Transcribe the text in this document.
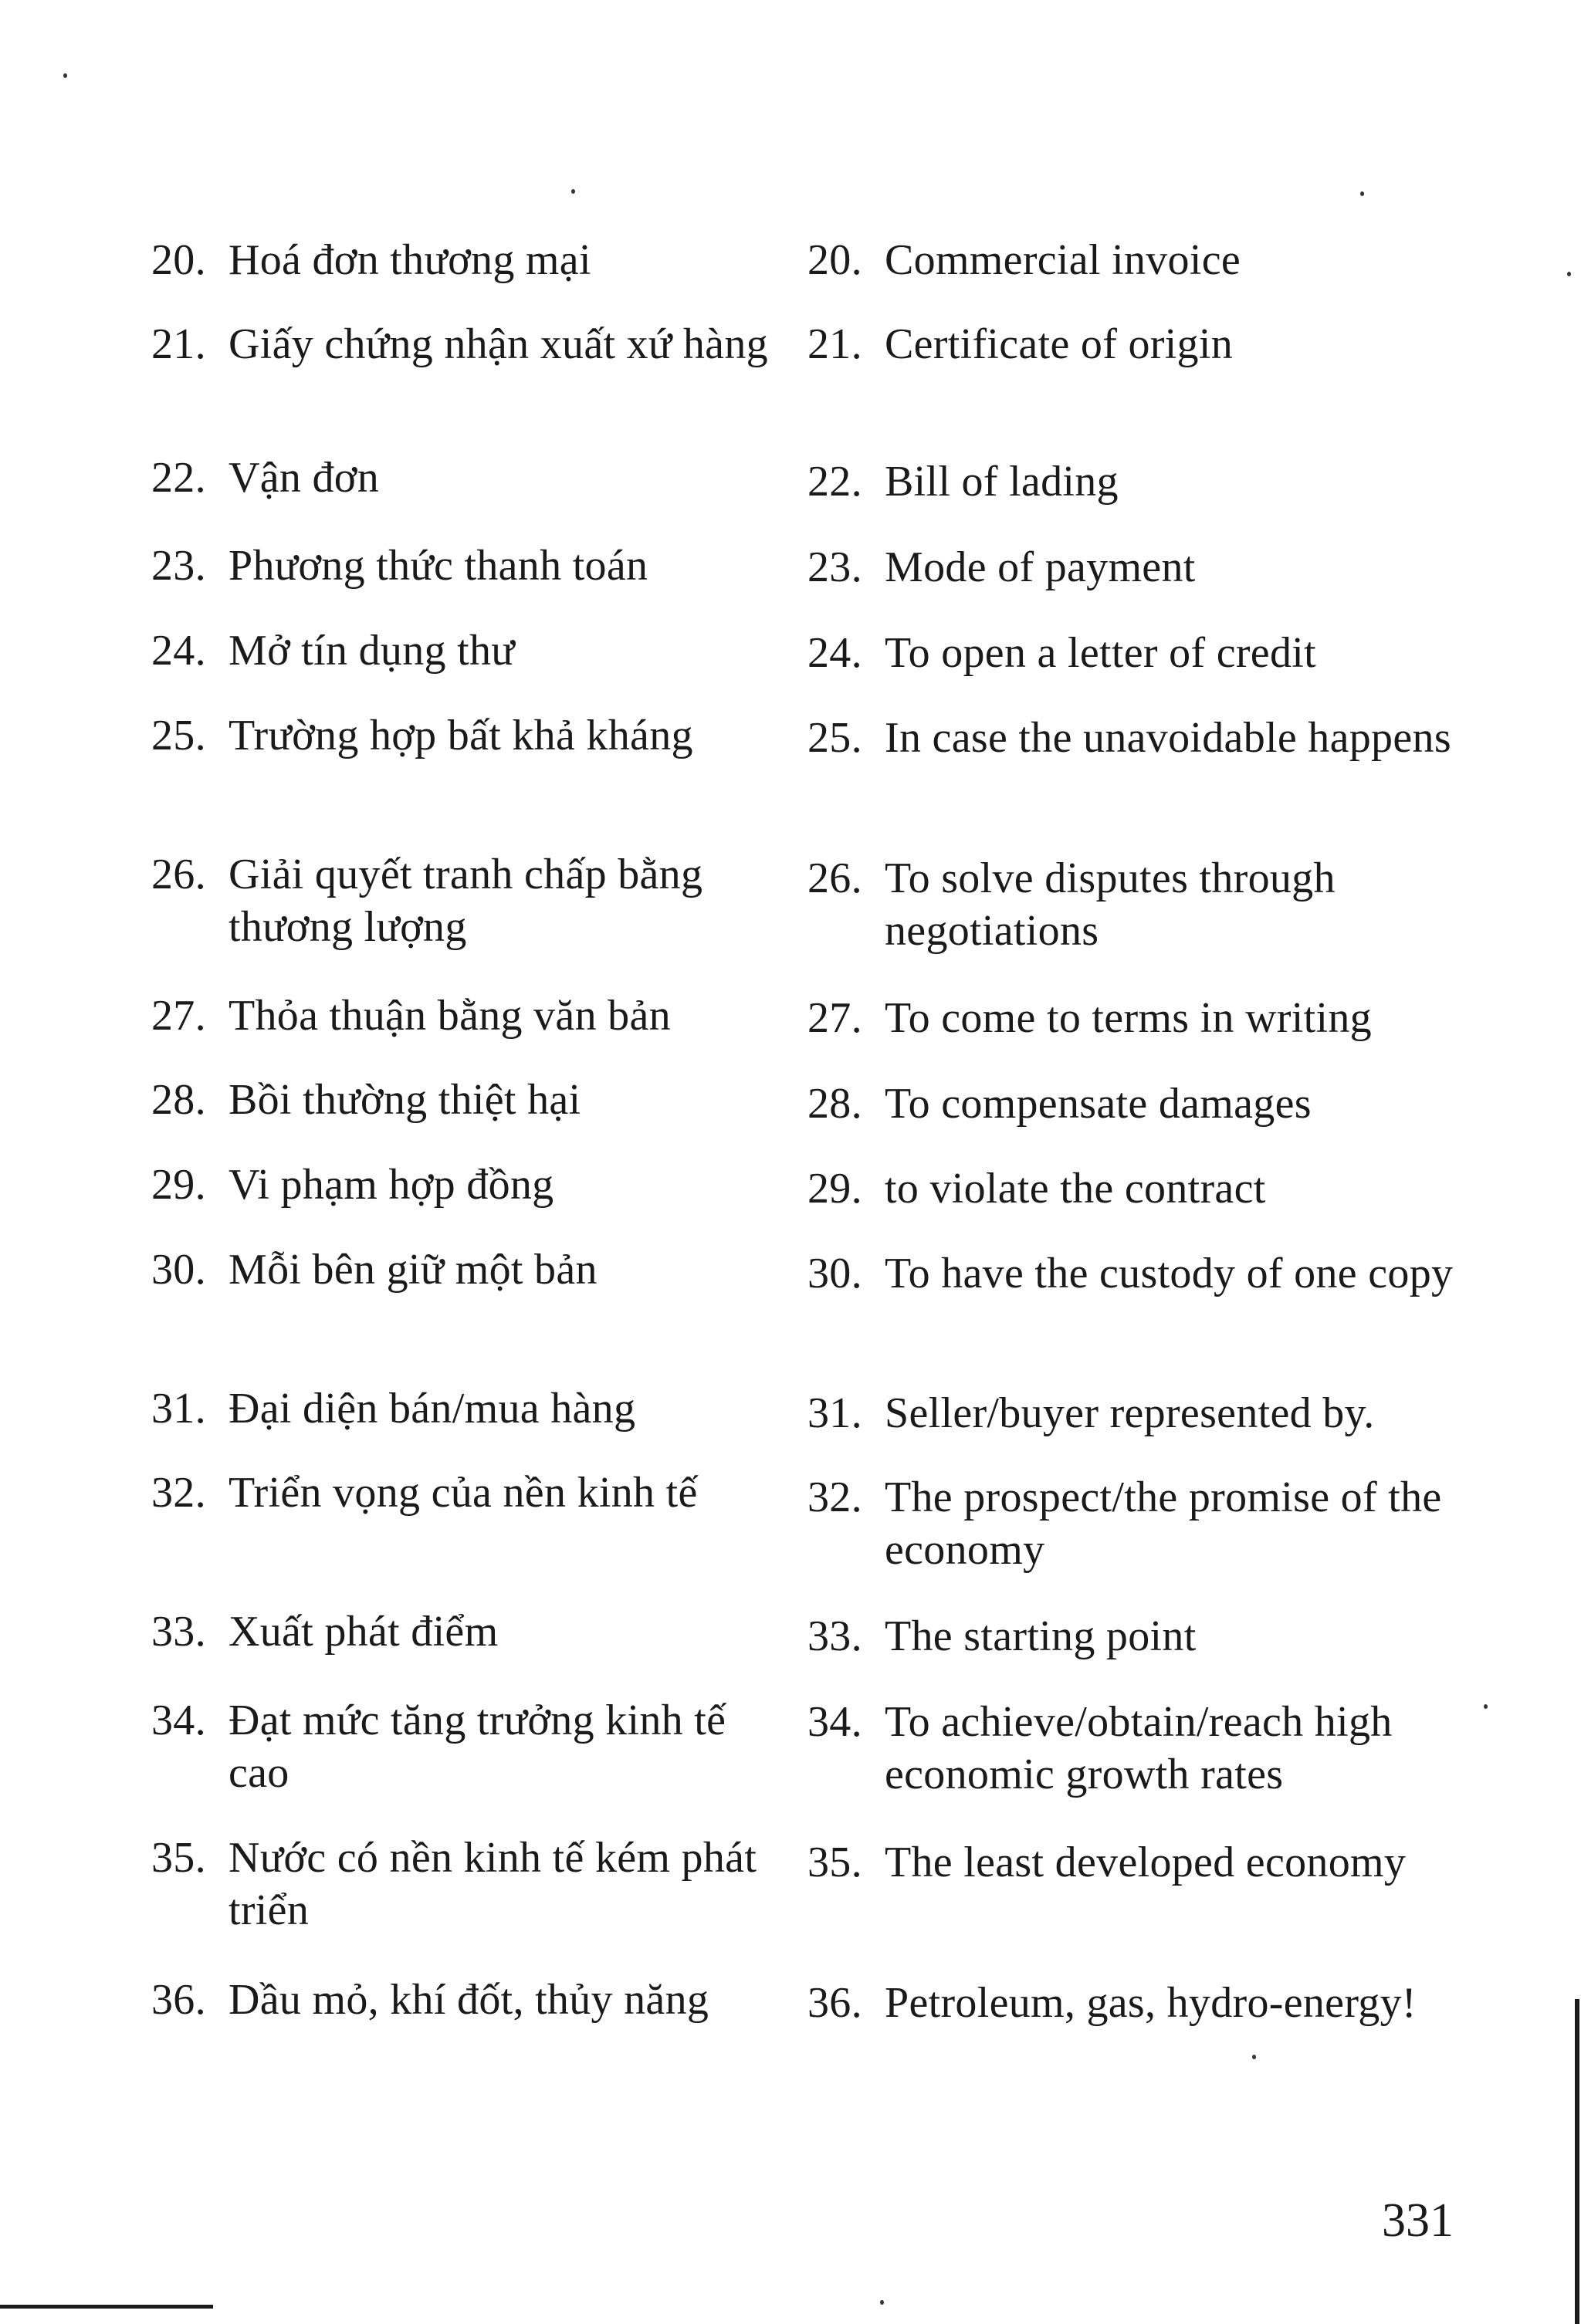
20. Hoá đơn thương mại	20. Commercial invoice
21. Giấy chứng nhận xuất xứ hàng 21. Certificate of origin
22. Vận đơn	22. Bill of lading
23. Phương thức thanh toán	23. Mode of payment
24. Mở tín dụng thư	24. To open a letter of credit
25. Trường hợp bất khả kháng	25. In case the unavoidable happens
26. Giải quyết tranh chấp bằng thương lượng
26. To solve disputes through negotiations
27. Thỏa thuận bằng văn bản	27. To come to terms in writing
28. Bồi thường thiệt hại	28. To compensate damages
29. Vi phạm hợp đồng	29. to violate the contract
30. Mỗi bên giữ một bản	30. To have the custody of one copy
31. Đại diện bán/mua hàng	31. Seller/buyer represented by.
32. Triển vọng của nền kinh tế	32. The prospect/the promise of the economy
33. Xuất phát điểm	33. The starting point
34. Đạt mức tăng trưởng kinh tế cao
34. To achieve/obtain/reach high economic growth rates
35. Nước có nền kinh tế kém phát triển
35. The least developed economy
36. Dầu mỏ, khí đốt, thủy năng	36. Petroleum, gas, hydro-energy!
331
